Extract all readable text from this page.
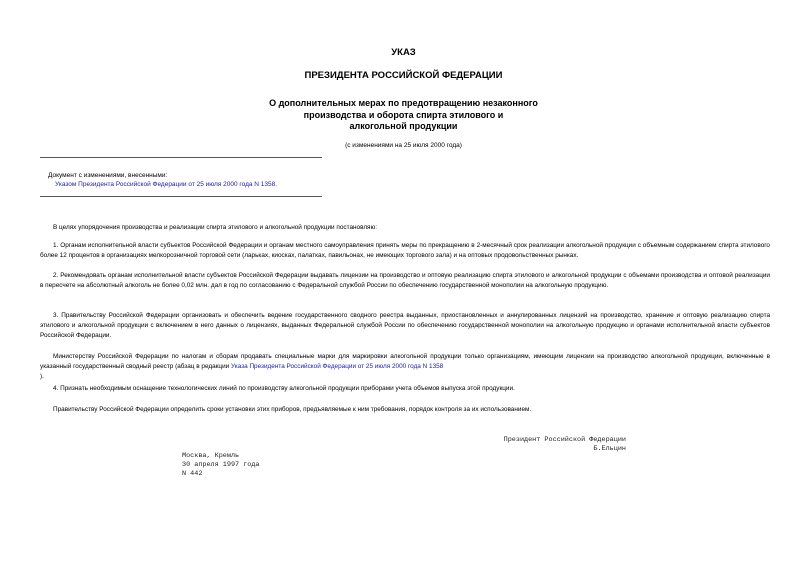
УКАЗ
ПРЕЗИДЕНТА РОССИЙСКОЙ ФЕДЕРАЦИИ
О дополнительных мерах по предотвращению незаконного
производства и оборота спирта этилового и
алкогольной продукции
(с изменениями на 25 июля 2000 года)
Документ с изменениями, внесенными:
Указом Президента Российской Федерации от 25 июля 2000 года N 1358.
В целях упорядочения производства и реализации спирта этилового и алкогольной продукции постановляю:
1. Органам исполнительной власти субъектов Российской Федерации и органам местного самоуправления принять меры по прекращению в 2-месячный срок реализации алкогольной продукции с объемным содержанием спирта этилового более 12 процентов в организациях мелкорозничной торговой сети (ларьках, киосках, палатках, павильонах, не имеющих торгового зала) и на оптовых продовольственных рынках.
2. Рекомендовать органам исполнительной власти субъектов Российской Федерации выдавать лицензии на производство и оптовую реализацию спирта этилового и алкогольной продукции с объемами производства и оптовой реализации в пересчете на абсолютный алкоголь не более 0,02 млн. дал в год по согласованию с Федеральной службой России по обеспечению государственной монополии на алкогольную продукцию.
3. Правительству Российской Федерации организовать и обеспечить ведение государственного сводного реестра выданных, приостановленных и аннулированных лицензий на производство, хранение и оптовую реализацию спирта этилового и алкогольной продукции с включением в него данных о лицензиях, выданных Федеральной службой России по обеспечению государственной монополии на алкогольную продукцию и органами исполнительной власти субъектов Российской Федерации.
Министерству Российской Федерации по налогам и сборам продавать специальные марки для маркировки алкогольной продукции только организациям, имеющим лицензии на производство алкогольной продукции, включенные в указанный государственный сводный реестр (абзац в редакции Указа Президента Российской Федерации от 25 июля 2000 года N 1358
).
4. Признать необходимым оснащение технологических линий по производству алкогольной продукции приборами учета объемов выпуска этой продукции.
Правительству Российской Федерации определить сроки установки этих приборов, предъявляемые к ним требования, порядок контроля за их использованием.
Президент Российской Федерации
Б.Ельцин
Москва, Кремль
30 апреля 1997 года
N 442
